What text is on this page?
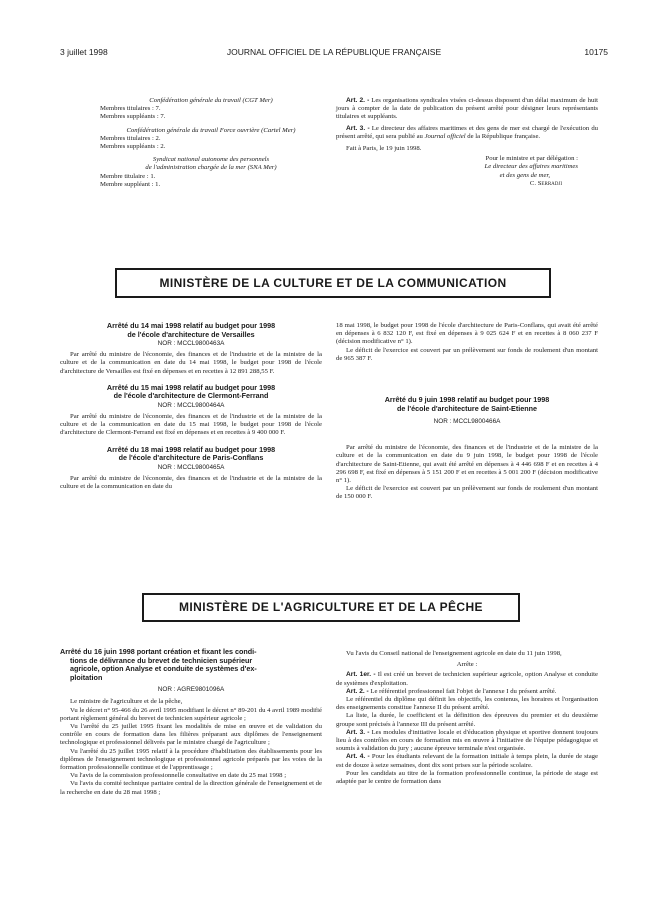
3 juillet 1998	JOURNAL OFFICIEL DE LA RÉPUBLIQUE FRANÇAISE	10175

Confédération générale du travail (CGT Mer)

Membres titulaires : 7.

Membres suppléants : 7.

Confédération générale du travail Force ouvrière (Cartel Mer)

Membres titulaires : 2.

Membres suppléants : 2.

Syndicat national autonome des personnels

de l'administration chargée de la mer (SNA Mer)

Membre titulaire : 1.

Membre suppléant : 1.

Art. 2. - Les organisations syndicales visées ci-dessus disposent d'un délai maximum de huit jours à compter de la date de publication du présent arrêté pour désigner leurs représentants titulaires et suppléants.

Art. 3. - Le directeur des affaires maritimes et des gens de mer est chargé de l'exécution du présent arrêté, qui sera publié au Journal officiel de la République française.

Fait à Paris, le 19 juin 1998.

Pour le ministre et par délégation :

Le directeur des affaires maritimes

et des gens de mer,

C. Serradji

MINISTÈRE DE LA CULTURE ET DE LA COMMUNICATION

Arrêté du 14 mai 1998 relatif au budget pour 1998

de l'école d'architecture de Versailles

NOR : MCCL9800463A

Par arrêté du ministre de l'économie, des finances et de l'industrie et de la ministre de la culture et de la communication en date du 14 mai 1998, le budget pour 1998 de l'école d'architecture de Versailles est fixé en dépenses et en recettes à 12 891 288,55 F.

Arrêté du 15 mai 1998 relatif au budget pour 1998

de l'école d'architecture de Clermont-Ferrand

NOR : MCCL9800464A

Par arrêté du ministre de l'économie, des finances et de l'industrie et de la ministre de la culture et de la communication en date du 15 mai 1998, le budget pour 1998 de l'école d'architecture de Clermont-Ferrand est fixé en dépenses et en recettes à 9 400 000 F.

Arrêté du 18 mai 1998 relatif au budget pour 1998

de l'école d'architecture de Paris-Conflans

NOR : MCCL9800465A

Par arrêté du ministre de l'économie, des finances et de l'industrie et de la ministre de la culture et de la communication en date du

18 mai 1998, le budget pour 1998 de l'école d'architecture de Paris-Conflans, qui avait été arrêté en dépenses à 6 832 120 F, est fixé en dépenses à 9 025 624 F et en recettes à 8 060 237 F (décision modificative n° 1).

Le déficit de l'exercice est couvert par un prélèvement sur fonds de roulement d'un montant de 965 387 F.

Arrêté du 9 juin 1998 relatif au budget pour 1998

de l'école d'architecture de Saint-Etienne

NOR : MCCL9800466A

Par arrêté du ministre de l'économie, des finances et de l'industrie et de la ministre de la culture et de la communication en date du 9 juin 1998, le budget pour 1998 de l'école d'architecture de Saint-Etienne, qui avait été arrêté en dépenses à 4 446 698 F et en recettes à 4 296 698 F, est fixé en dépenses à 5 151 200 F et en recettes à 5 001 200 F (décision modificative n° 1).

Le déficit de l'exercice est couvert par un prélèvement sur fonds de roulement d'un montant de 150 000 F.

MINISTÈRE DE L'AGRICULTURE ET DE LA PÊCHE

Arrêté du 16 juin 1998 portant création et fixant les condi-

tions de délivrance du brevet de technicien supérieur

agricole, option Analyse et conduite de systèmes d'ex-

ploitation

NOR : AGRE9801096A

Le ministre de l'agriculture et de la pêche,

Vu le décret n° 95-466 du 26 avril 1995 modifiant le décret n° 89-201 du 4 avril 1989 modifié portant règlement général du brevet de technicien supérieur agricole ;

Vu l'arrêté du 25 juillet 1995 fixant les modalités de mise en œuvre et de validation du contrôle en cours de formation dans les filières préparant aux diplômes de l'enseignement technologique et professionnel délivrés par le ministre chargé de l'agriculture ;

Vu l'arrêté du 25 juillet 1995 relatif à la procédure d'habilitation des établissements pour les diplômes de l'enseignement technologique et professionnel agricole préparés par les voies de la formation professionnelle continue et de l'apprentissage ;

Vu l'avis de la commission professionnelle consultative en date du 25 mai 1998 ;

Vu l'avis du comité technique paritaire central de la direction générale de l'enseignement et de la recherche en date du 28 mai 1998 ;

Vu l'avis du Conseil national de l'enseignement agricole en date du 11 juin 1998,

Arrête :

Art. 1er. - Il est créé un brevet de technicien supérieur agricole, option Analyse et conduite de systèmes d'exploitation.

Art. 2. - Le référentiel professionnel fait l'objet de l'annexe I du présent arrêté.

Le référentiel du diplôme qui définit les objectifs, les contenus, les horaires et l'organisation des enseignements constitue l'annexe II du présent arrêté.

La liste, la durée, le coefficient et la définition des épreuves du premier et du deuxième groupe sont précisés à l'annexe III du présent arrêté.

Art. 3. - Les modules d'initiative locale et d'éducation physique et sportive donnent toujours lieu à des contrôles en cours de formation mis en œuvre à l'initiative de l'équipe pédagogique et soumis à validation du jury ; aucune épreuve terminale n'est organisée.

Art. 4. - Pour les étudiants relevant de la formation initiale à temps plein, la durée de stage est de douze à seize semaines, dont dix sont prises sur la période scolaire.

Pour les candidats au titre de la formation professionnelle continue, la période de stage est adaptée par le centre de formation dans
